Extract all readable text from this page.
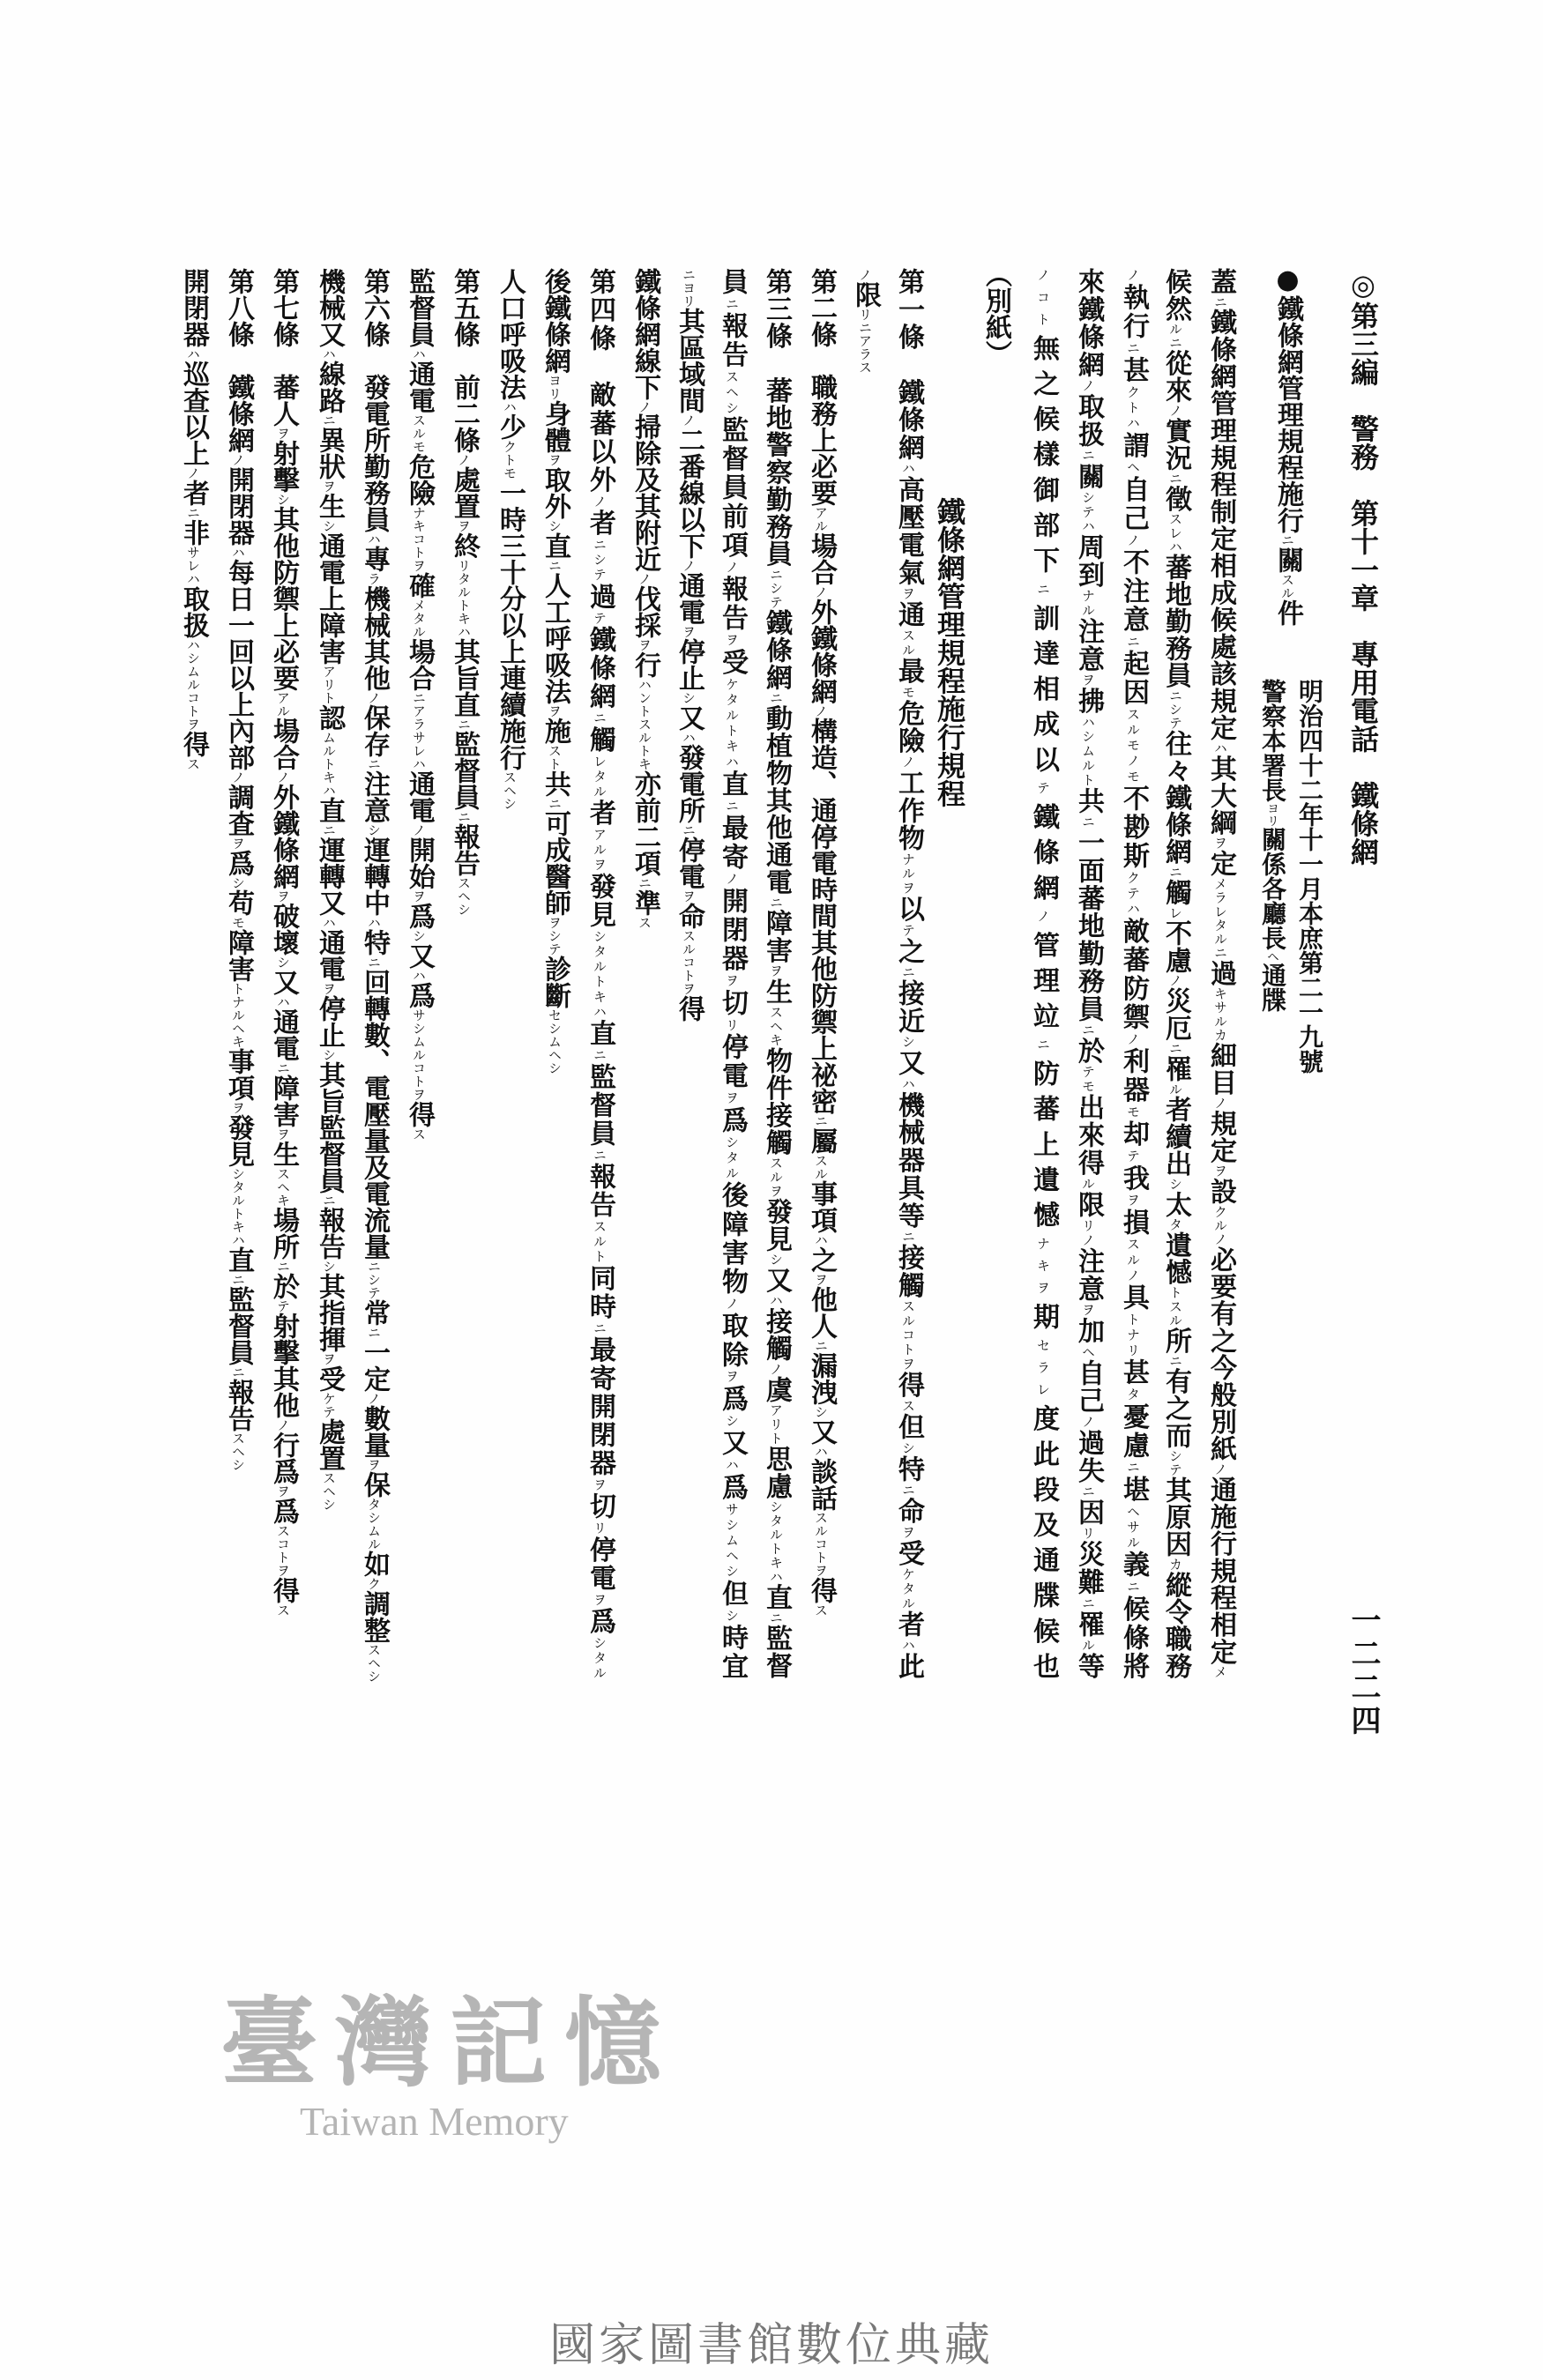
臺灣記憶
Taiwan Memory
◎第三編　警務　第十一章　專用電話　鐵條網
一二二四
●鐵條網管理規程施行ニ關スル件
明治四十二年十一月本庶第二一九號
警察本署長ヨリ關係各廳長ヘ通牒
蓋ニ鐵條網管理規程制定相成候處該規定ハ其大綱ヲ定メラレタルニ過キサルカ細目ノ規定ヲ設クルノ必要有之今般別紙ノ通施行規程相定メ
候然ルニ從來ノ實況ニ徵スレハ蕃地勤務員ニシテ往々鐵條網ニ觸レ不慮ノ災厄ニ罹ル者續出シ太タ遺憾トスル所ニ有之而シテ其原因カ縱令職務
ノ執行ニ甚クトハ謂ヘ自己ノ不注意ニ起因スルモノモ不尠斯クテハ敵蕃防禦ノ利器モ却テ我ヲ損スルノ具トナリ甚タ憂慮ニ堪ヘサル義ニ候條將
來鐵條網ノ取扱ニ關シテハ周到ナル注意ヲ拂ハシムルト共ニ一面蕃地勤務員ニ於テモ出來得ル限リノ注意ヲ加ヘ自己ノ過失ニ因リ災難ニ罹ル等
ノコト無之候樣御部下ニ訓達相成以テ鐵條網ノ管理竝ニ防蕃上遺憾ナキヲ期セラレ度此段及通牒候也
（別紙）
鐵條網管理規程施行規程
第一條　鐵條網ハ高壓電氣ヲ通スル最モ危險ノ工作物ナルヲ以テ之ニ接近シ又ハ機械器具等ニ接觸スルコトヲ得ス但シ特ニ命ヲ受ケタル者ハ此
ノ限リニアラス
第二條　職務上必要アル場合ノ外鐵條網ノ構造、通停電時間其他防禦上祕密ニ屬スル事項ハ之ヲ他人ニ漏洩シ又ハ談話スルコトヲ得ス
第三條　蕃地警察勤務員ニシテ鐵條網ニ動植物其他通電ニ障害ヲ生スヘキ物件接觸スルヲ發見シ又ハ接觸ノ虞アリト思慮シタルトキハ直ニ監督
員ニ報告スヘシ監督員前項ノ報告ヲ受ケタルトキハ直ニ最寄ノ開閉器ヲ切リ停電ヲ爲シタル後障害物ノ取除ヲ爲シ又ハ爲サシムヘシ但シ時宜
ニヨリ其區域間ノ二番線以下ノ通電ヲ停止シ又ハ發電所ニ停電ヲ命スルコトヲ得
鐵條網線下ノ掃除及其附近ノ伐採ヲ行ハントスルトキ亦前二項ニ準ス
第四條　敵蕃以外ノ者ニシテ過テ鐵條網ニ觸レタル者アルヲ發見シタルトキハ直ニ監督員ニ報告スルト同時ニ最寄開閉器ヲ切リ停電ヲ爲シタル
後鐵條網ヨリ身體ヲ取外シ直ニ人工呼吸法ヲ施スト共ニ可成醫師ヲシテ診斷セシムヘシ
人口呼吸法ハ少クトモ一時三十分以上連續施行スヘシ
第五條　前二條ノ處置ヲ終リタルトキハ其旨直ニ監督員ニ報告スヘシ
監督員ハ通電スルモ危險ナキコトヲ確メタル場合ニアラサレハ通電ノ開始ヲ爲シ又ハ爲サシムルコトヲ得ス
第六條　發電所勤務員ハ專ラ機械其他ノ保存ニ注意シ運轉中ハ特ニ回轉數、電壓量及電流量ニシテ常ニ一定ノ數量ヲ保タシムル如ク調整スヘシ
機械又ハ線路ニ異狀ヲ生シ通電上障害アリト認ムルトキハ直ニ運轉又ハ通電ヲ停止シ其旨監督員ニ報告シ其指揮ヲ受ケテ處置スヘシ
第七條　蕃人ヲ射擊シ其他防禦上必要アル場合ノ外鐵條網ヲ破壞シ又ハ通電ニ障害ヲ生スヘキ場所ニ於テ射擊其他ノ行爲ヲ爲スコトヲ得ス
第八條　鐵條網ノ開閉器ハ每日一回以上內部ノ調査ヲ爲シ苟モ障害トナルヘキ事項ヲ發見シタルトキハ直ニ監督員ニ報告スヘシ
開閉器ハ巡查以上ノ者ニ非サレハ取扱ハシムルコトヲ得ス
國家圖書館數位典藏
